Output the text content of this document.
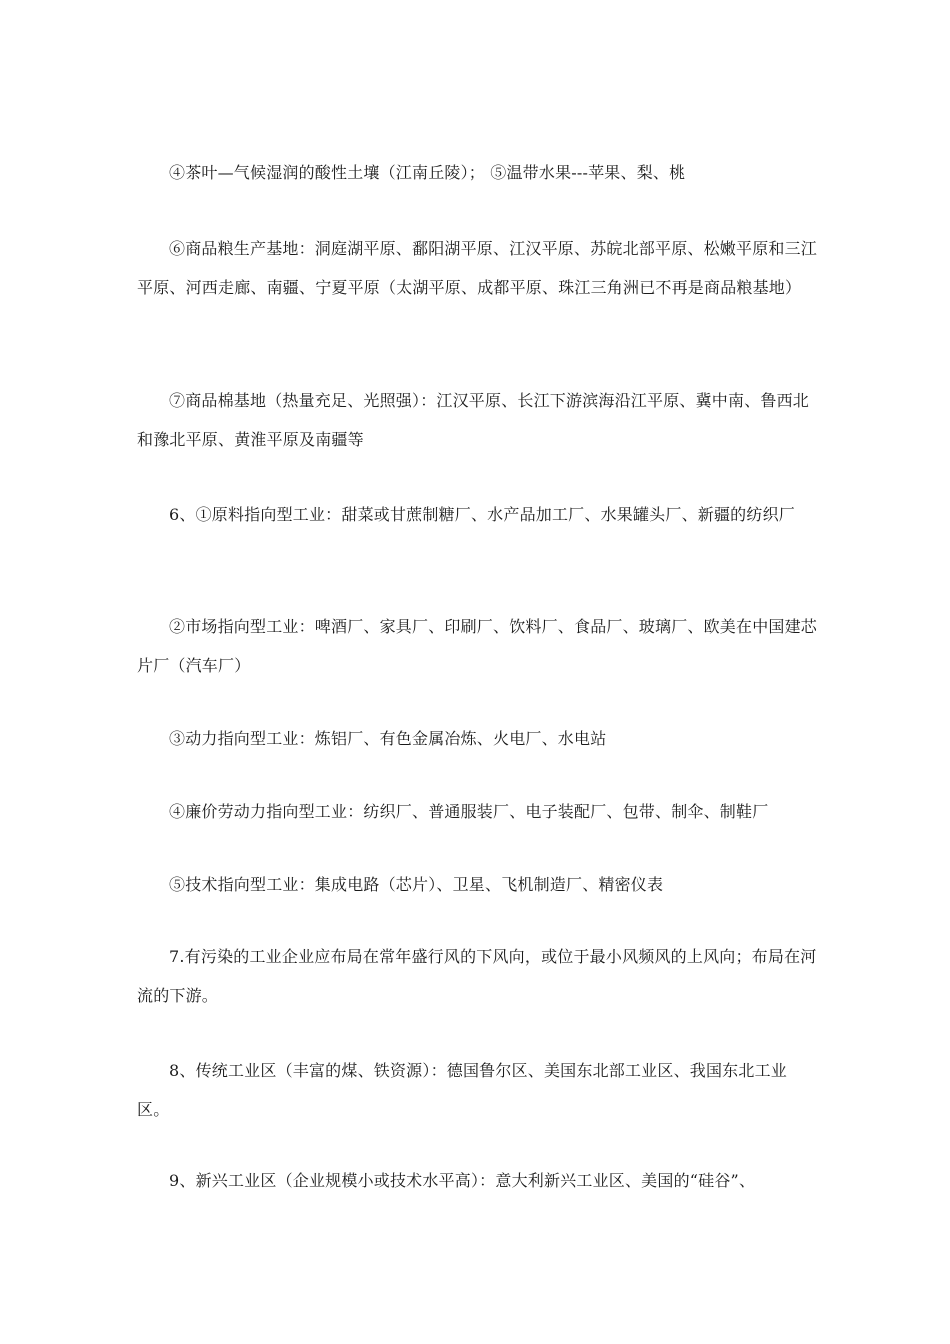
④茶叶—气候湿润的酸性土壤（江南丘陵）； ⑤温带水果---苹果、梨、桃

⑥商品粮生产基地：洞庭湖平原、鄱阳湖平原、江汉平原、苏皖北部平原、松嫩平原和三江平原、河西走廊、南疆、宁夏平原（太湖平原、成都平原、珠江三角洲已不再是商品粮基地）

⑦商品棉基地（热量充足、光照强）：江汉平原、长江下游滨海沿江平原、冀中南、鲁西北和豫北平原、黄淮平原及南疆等

6、①原料指向型工业：甜菜或甘蔗制糖厂、水产品加工厂、水果罐头厂、新疆的纺织厂

②市场指向型工业：啤酒厂、家具厂、印刷厂、饮料厂、食品厂、玻璃厂、欧美在中国建芯片厂（汽车厂）

③动力指向型工业：炼铝厂、有色金属冶炼、火电厂、水电站

④廉价劳动力指向型工业：纺织厂、普通服装厂、电子装配厂、包带、制伞、制鞋厂

⑤技术指向型工业：集成电路（芯片）、卫星、飞机制造厂、精密仪表

7.有污染的工业企业应布局在常年盛行风的下风向，或位于最小风频风的上风向；布局在河流的下游。

8、传统工业区（丰富的煤、铁资源）：德国鲁尔区、美国东北部工业区、我国东北工业区。

9、新兴工业区（企业规模小或技术水平高）：意大利新兴工业区、美国的“硅谷”、
